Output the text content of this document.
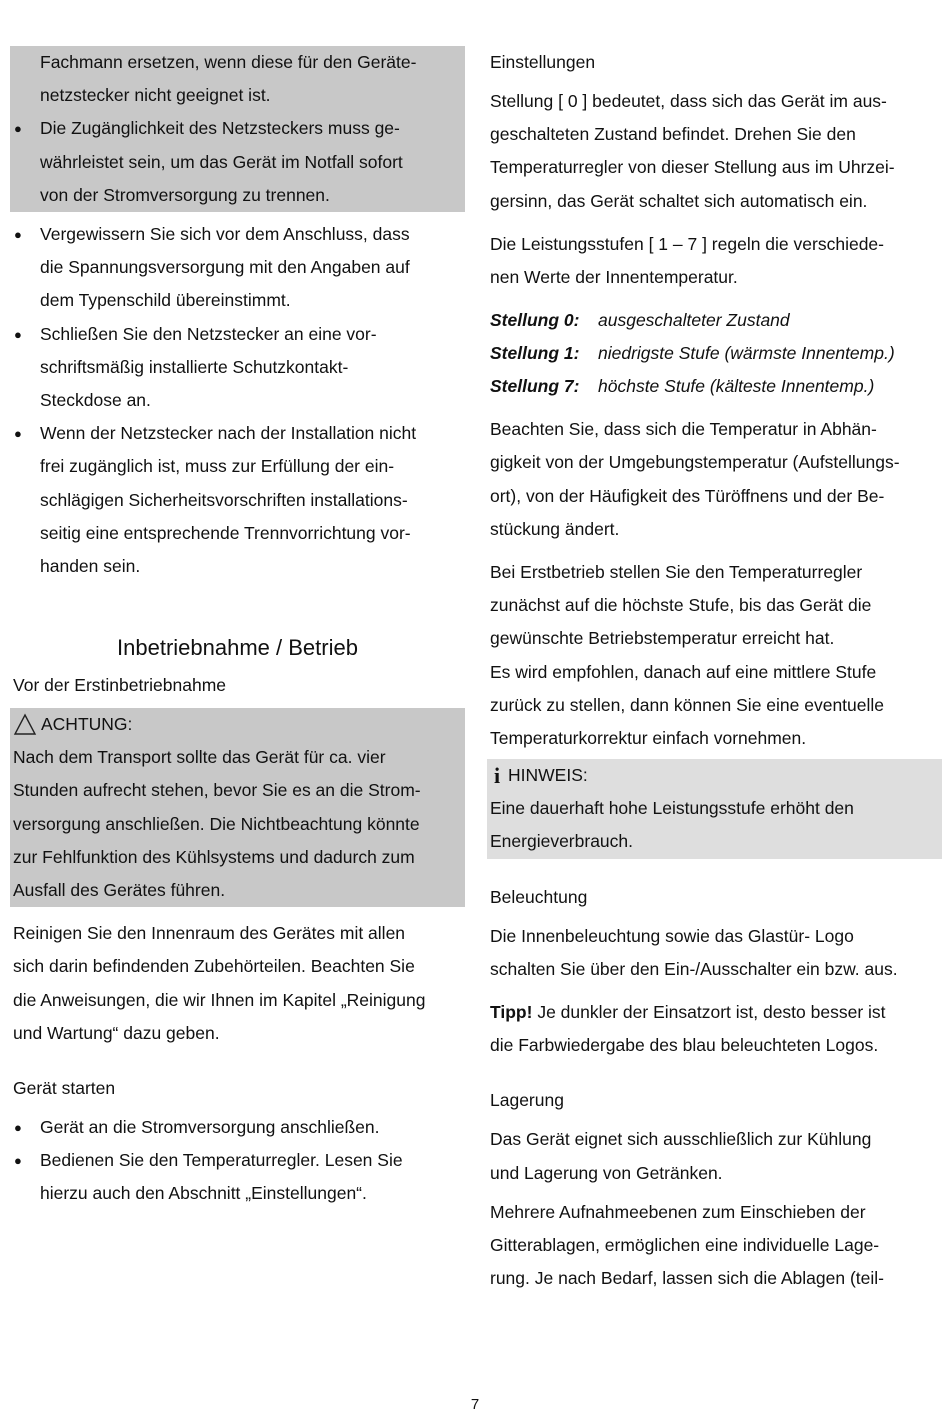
Fachmann ersetzen, wenn diese für den Geräte-
netzstecker nicht geeignet ist.
● Die Zugänglichkeit des Netzsteckers muss ge-
währleistet sein, um das Gerät im Notfall sofort
von der Stromversorgung zu trennen.
● Vergewissern Sie sich vor dem Anschluss, dass
die Spannungsversorgung mit den Angaben auf
dem Typenschild übereinstimmt.
● Schließen Sie den Netzstecker an eine vor-
schriftsmäßig installierte Schutzkontakt-
Steckdose an.
● Wenn der Netzstecker nach der Installation nicht
frei zugänglich ist, muss zur Erfüllung der ein-
schlägigen Sicherheitsvorschriften installations-
seitig eine entsprechende Trennvorrichtung vor-
handen sein.
Inbetriebnahme / Betrieb
Vor der Erstinbetriebnahme
ACHTUNG:
Nach dem Transport sollte das Gerät für ca. vier
Stunden aufrecht stehen, bevor Sie es an die Strom-
versorgung anschließen. Die Nichtbeachtung könnte
zur Fehlfunktion des Kühlsystems und dadurch zum
Ausfall des Gerätes führen.
Reinigen Sie den Innenraum des Gerätes mit allen
sich darin befindenden Zubehörteilen. Beachten Sie
die Anweisungen, die wir Ihnen im Kapitel „Reinigung
und Wartung“ dazu geben.
Gerät starten
● Gerät an die Stromversorgung anschließen.
● Bedienen Sie den Temperaturregler. Lesen Sie
hierzu auch den Abschnitt „Einstellungen“.
Einstellungen
Stellung [ 0 ] bedeutet, dass sich das Gerät im aus-
geschalteten Zustand befindet. Drehen Sie den
Temperaturregler von dieser Stellung aus im Uhrzei-
gersinn, das Gerät schaltet sich automatisch ein.
Die Leistungsstufen [ 1 – 7 ] regeln die verschiede-
nen Werte der Innentemperatur.
Stellung 0:	ausgeschalteter Zustand
Stellung 1:	niedrigste Stufe (wärmste Innentemp.)
Stellung 7:	höchste Stufe (kälteste Innentemp.)
Beachten Sie, dass sich die Temperatur in Abhän-
gigkeit von der Umgebungstemperatur (Aufstellungs-
ort), von der Häufigkeit des Türöffnens und der Be-
stückung ändert.
Bei Erstbetrieb stellen Sie den Temperaturregler
zunächst auf die höchste Stufe, bis das Gerät die
gewünschte Betriebstemperatur erreicht hat.
Es wird empfohlen, danach auf eine mittlere Stufe
zurück zu stellen, dann können Sie eine eventuelle
Temperaturkorrektur einfach vornehmen.
i HINWEIS:
Eine dauerhaft hohe Leistungsstufe erhöht den
Energieverbrauch.
Beleuchtung
Die Innenbeleuchtung sowie das Glastür- Logo
schalten Sie über den Ein-/Ausschalter ein bzw. aus.
Tipp! Je dunkler der Einsatzort ist, desto besser ist
die Farbwiedergabe des blau beleuchteten Logos.
Lagerung
Das Gerät eignet sich ausschließlich zur Kühlung
und Lagerung von Getränken.
Mehrere Aufnahmeebenen zum Einschieben der
Gitterablagen, ermöglichen eine individuelle Lage-
rung. Je nach Bedarf, lassen sich die Ablagen (teil-
7
